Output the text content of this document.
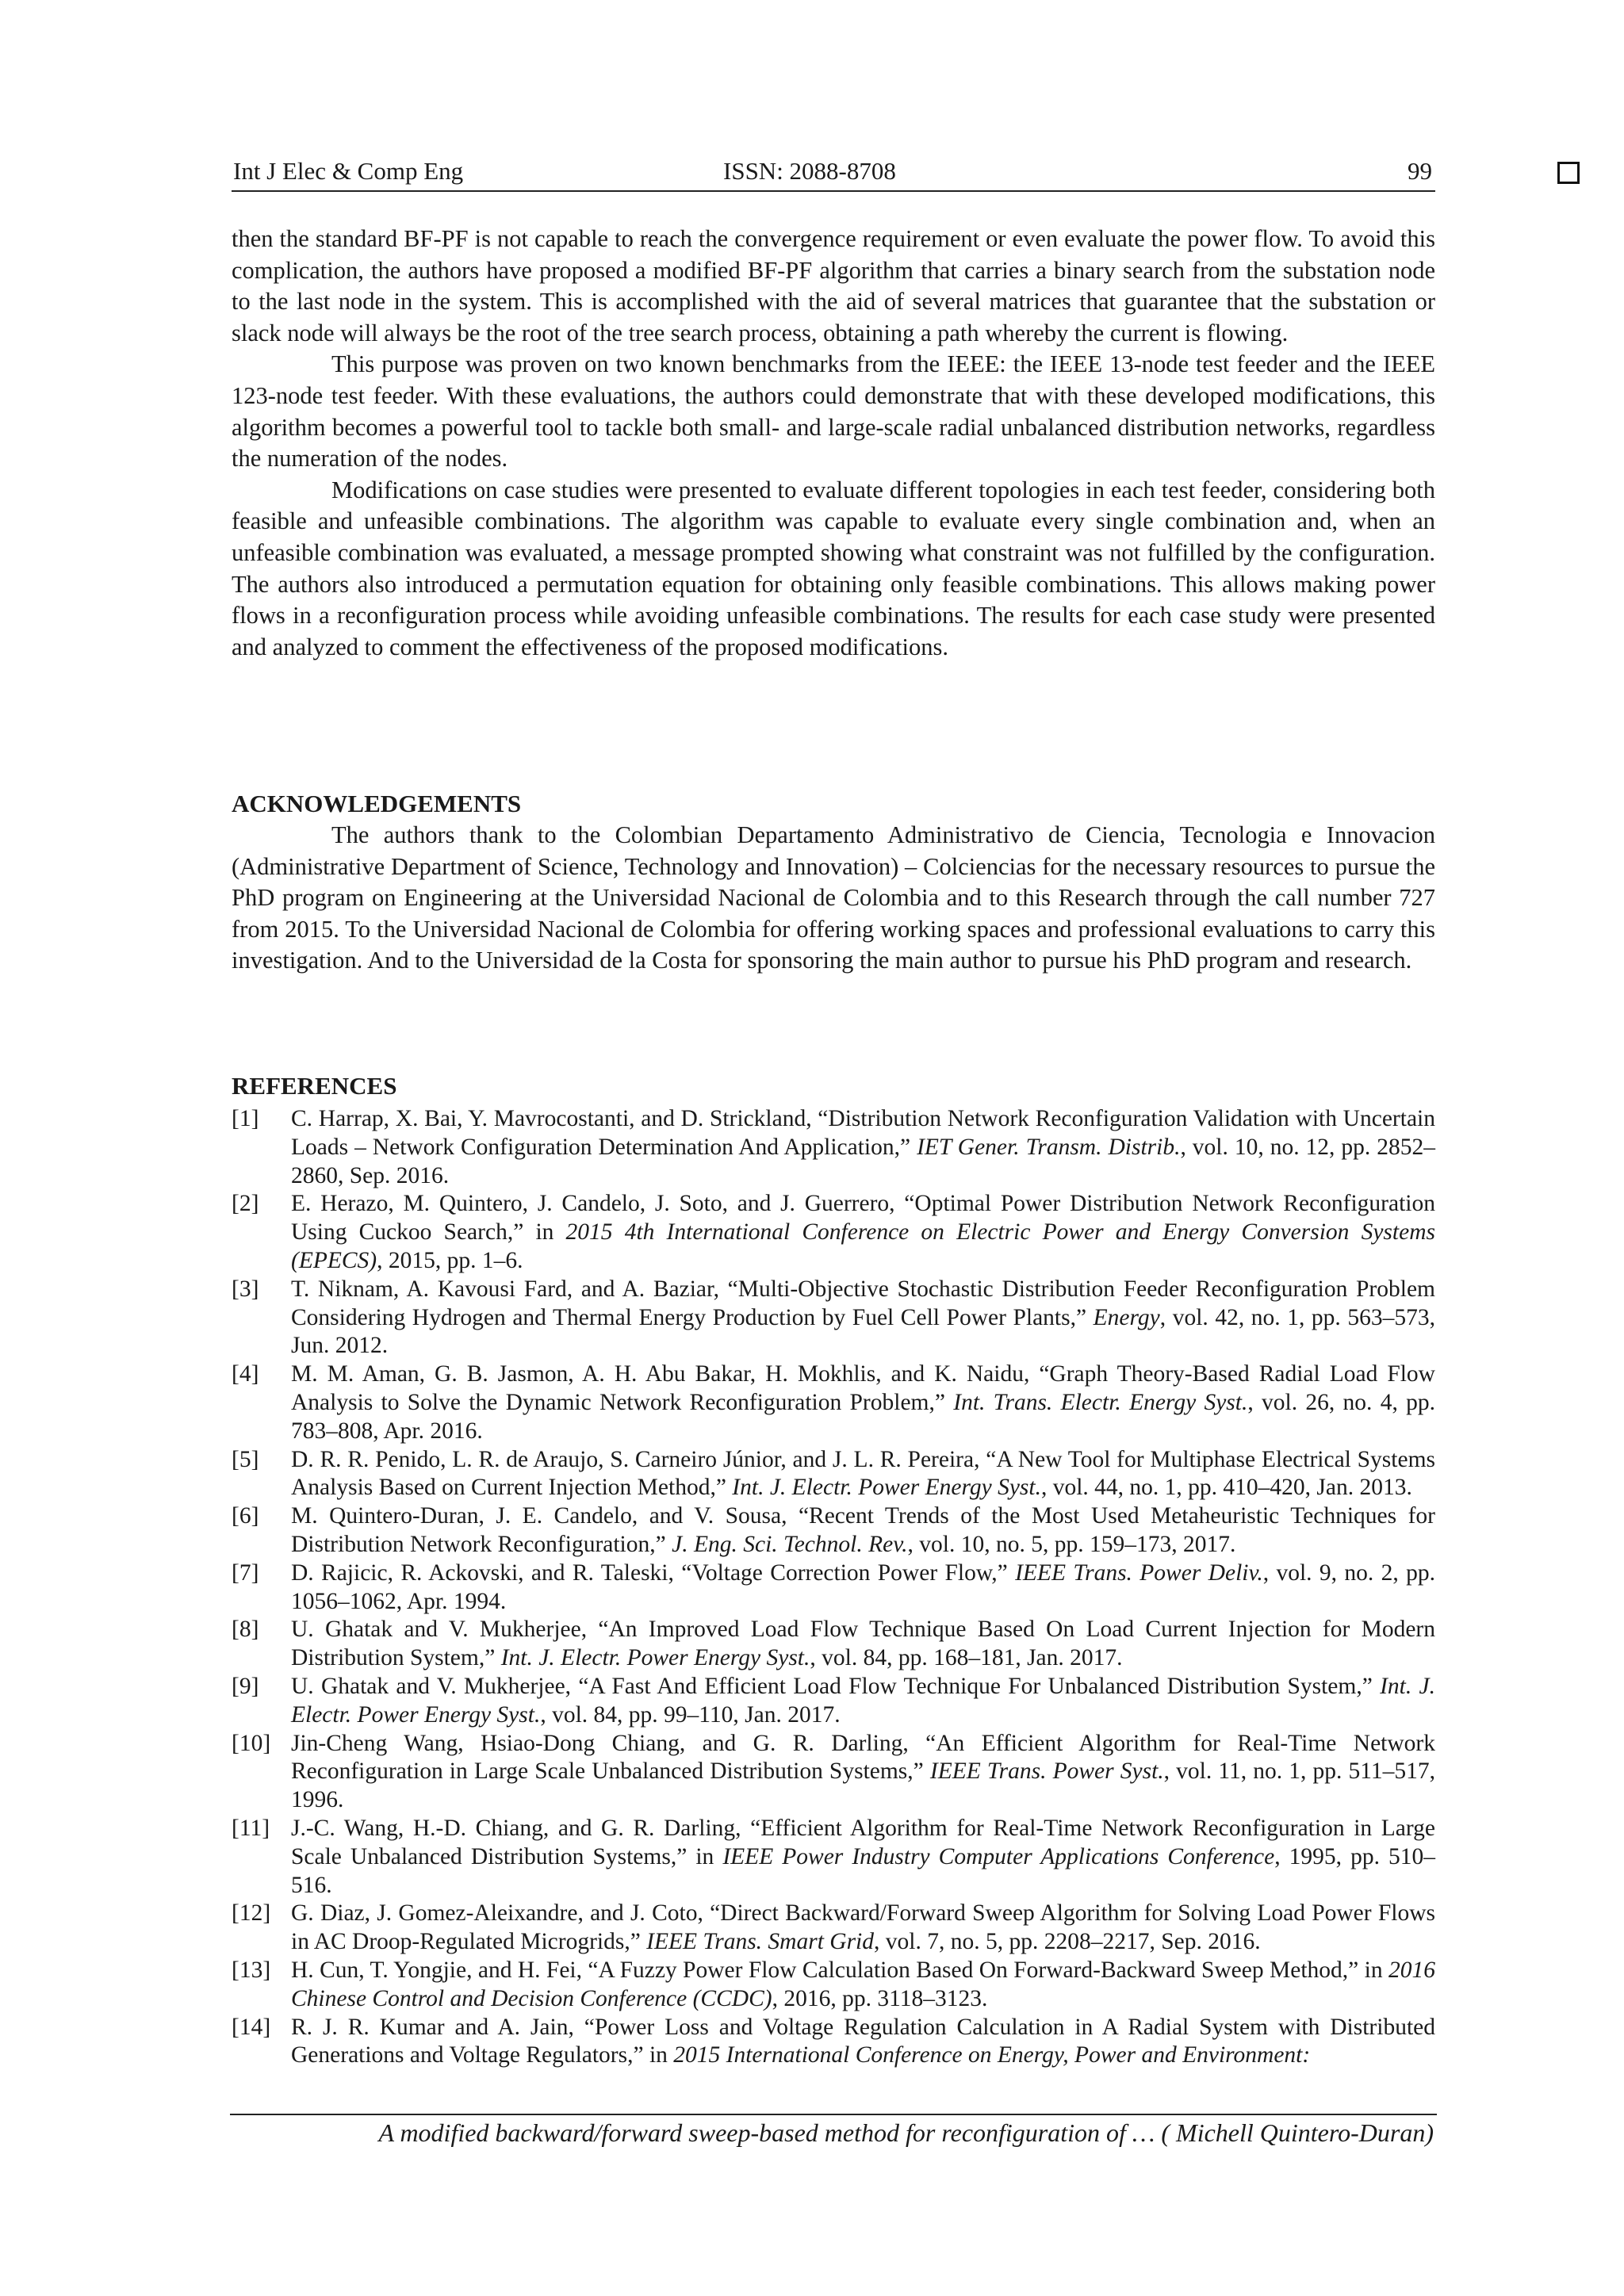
Int J Elec & Comp Eng	ISSN: 2088-8708	99

then the standard BF-PF is not capable to reach the convergence requirement or even evaluate the power flow. To avoid this complication, the authors have proposed a modified BF-PF algorithm that carries a binary search from the substation node to the last node in the system. This is accomplished with the aid of several matrices that guarantee that the substation or slack node will always be the root of the tree search process, obtaining a path whereby the current is flowing.

This purpose was proven on two known benchmarks from the IEEE: the IEEE 13-node test feeder and the IEEE 123-node test feeder. With these evaluations, the authors could demonstrate that with these developed modifications, this algorithm becomes a powerful tool to tackle both small- and large-scale radial unbalanced distribution networks, regardless the numeration of the nodes.

Modifications on case studies were presented to evaluate different topologies in each test feeder, considering both feasible and unfeasible combinations. The algorithm was capable to evaluate every single combination and, when an unfeasible combination was evaluated, a message prompted showing what constraint was not fulfilled by the configuration. The authors also introduced a permutation equation for obtaining only feasible combinations. This allows making power flows in a reconfiguration process while avoiding unfeasible combinations. The results for each case study were presented and analyzed to comment the effectiveness of the proposed modifications.

ACKNOWLEDGEMENTS

The authors thank to the Colombian Departamento Administrativo de Ciencia, Tecnologia e Innovacion (Administrative Department of Science, Technology and Innovation) – Colciencias for the necessary resources to pursue the PhD program on Engineering at the Universidad Nacional de Colombia and to this Research through the call number 727 from 2015. To the Universidad Nacional de Colombia for offering working spaces and professional evaluations to carry this investigation. And to the Universidad de la Costa for sponsoring the main author to pursue his PhD program and research.

REFERENCES
[1] C. Harrap, X. Bai, Y. Mavrocostanti, and D. Strickland, “Distribution Network Reconfiguration Validation with Uncertain Loads – Network Configuration Determination And Application,” IET Gener. Transm. Distrib., vol. 10, no. 12, pp. 2852–2860, Sep. 2016.
[2] E. Herazo, M. Quintero, J. Candelo, J. Soto, and J. Guerrero, “Optimal Power Distribution Network Reconfiguration Using Cuckoo Search,” in 2015 4th International Conference on Electric Power and Energy Conversion Systems (EPECS), 2015, pp. 1–6.
[3] T. Niknam, A. Kavousi Fard, and A. Baziar, “Multi-Objective Stochastic Distribution Feeder Reconfiguration Problem Considering Hydrogen and Thermal Energy Production by Fuel Cell Power Plants,” Energy, vol. 42, no. 1, pp. 563–573, Jun. 2012.
[4] M. M. Aman, G. B. Jasmon, A. H. Abu Bakar, H. Mokhlis, and K. Naidu, “Graph Theory-Based Radial Load Flow Analysis to Solve the Dynamic Network Reconfiguration Problem,” Int. Trans. Electr. Energy Syst., vol. 26, no. 4, pp. 783–808, Apr. 2016.
[5] D. R. R. Penido, L. R. de Araujo, S. Carneiro Júnior, and J. L. R. Pereira, “A New Tool for Multiphase Electrical Systems Analysis Based on Current Injection Method,” Int. J. Electr. Power Energy Syst., vol. 44, no. 1, pp. 410–420, Jan. 2013.
[6] M. Quintero-Duran, J. E. Candelo, and V. Sousa, “Recent Trends of the Most Used Metaheuristic Techniques for Distribution Network Reconfiguration,” J. Eng. Sci. Technol. Rev., vol. 10, no. 5, pp. 159–173, 2017.
[7] D. Rajicic, R. Ackovski, and R. Taleski, “Voltage Correction Power Flow,” IEEE Trans. Power Deliv., vol. 9, no. 2, pp. 1056–1062, Apr. 1994.
[8] U. Ghatak and V. Mukherjee, “An Improved Load Flow Technique Based On Load Current Injection for Modern Distribution System,” Int. J. Electr. Power Energy Syst., vol. 84, pp. 168–181, Jan. 2017.
[9] U. Ghatak and V. Mukherjee, “A Fast And Efficient Load Flow Technique For Unbalanced Distribution System,” Int. J. Electr. Power Energy Syst., vol. 84, pp. 99–110, Jan. 2017.
[10] Jin-Cheng Wang, Hsiao-Dong Chiang, and G. R. Darling, “An Efficient Algorithm for Real-Time Network Reconfiguration in Large Scale Unbalanced Distribution Systems,” IEEE Trans. Power Syst., vol. 11, no. 1, pp. 511–517, 1996.
[11] J.-C. Wang, H.-D. Chiang, and G. R. Darling, “Efficient Algorithm for Real-Time Network Reconfiguration in Large Scale Unbalanced Distribution Systems,” in IEEE Power Industry Computer Applications Conference, 1995, pp. 510–516.
[12] G. Diaz, J. Gomez-Aleixandre, and J. Coto, “Direct Backward/Forward Sweep Algorithm for Solving Load Power Flows in AC Droop-Regulated Microgrids,” IEEE Trans. Smart Grid, vol. 7, no. 5, pp. 2208–2217, Sep. 2016.
[13] H. Cun, T. Yongjie, and H. Fei, “A Fuzzy Power Flow Calculation Based On Forward-Backward Sweep Method,” in 2016 Chinese Control and Decision Conference (CCDC), 2016, pp. 3118–3123.
[14] R. J. R. Kumar and A. Jain, “Power Loss and Voltage Regulation Calculation in A Radial System with Distributed Generations and Voltage Regulators,” in 2015 International Conference on Energy, Power and Environment:
A modified backward/forward sweep-based method for reconfiguration of … ( Michell Quintero-Duran)
